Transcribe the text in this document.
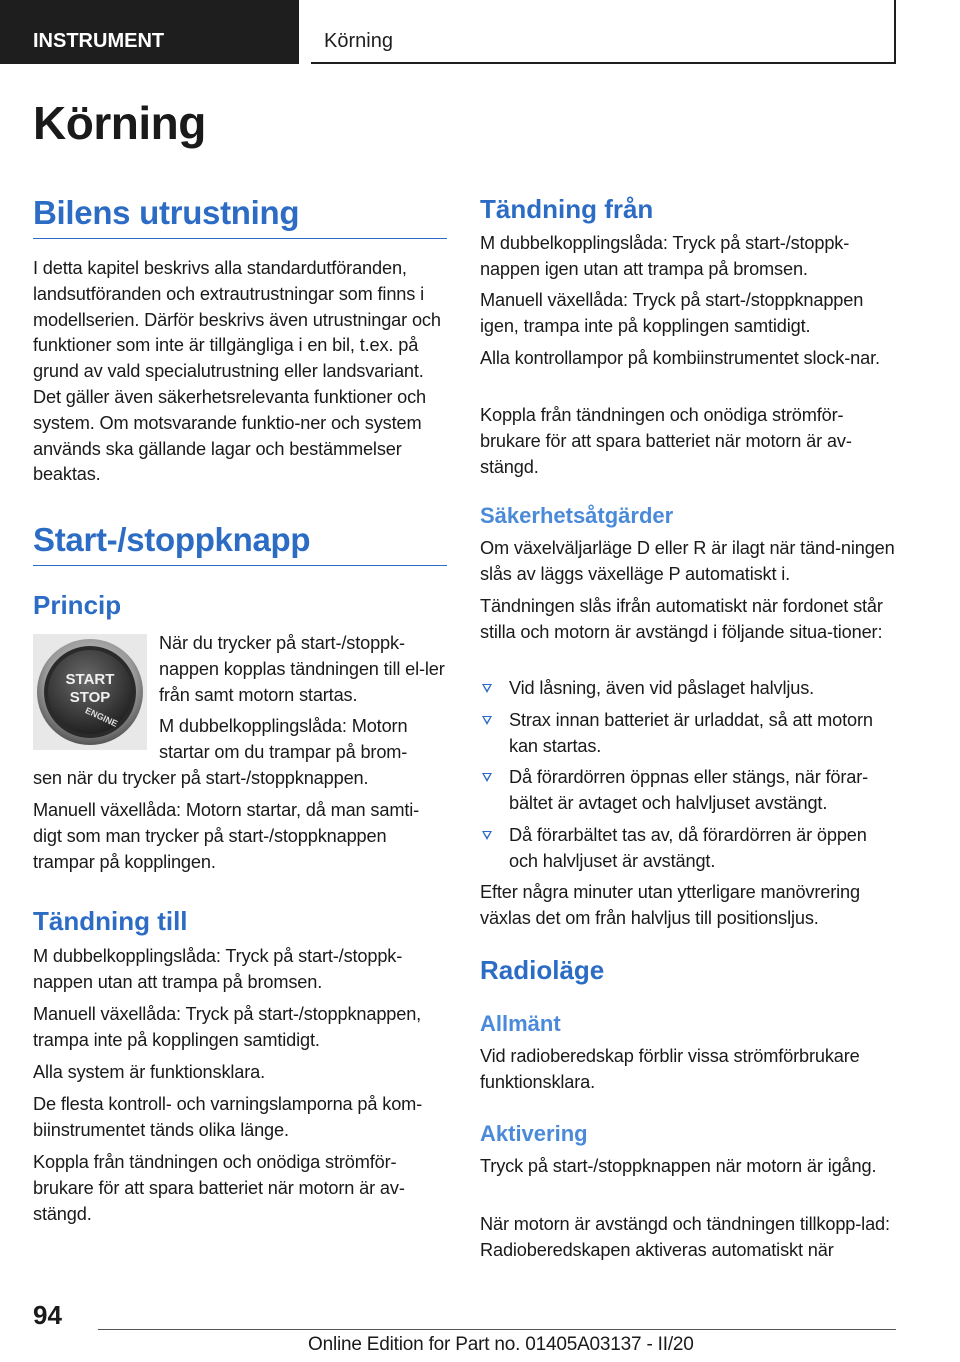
INSTRUMENT	Körning
Körning
Bilens utrustning

I detta kapitel beskrivs alla standardutföranden, landsutföranden och extrautrustningar som finns i modellserien. Därför beskrivs även utrustningar och funktioner som inte är tillgängliga i en bil, t.ex. på grund av vald specialutrustning eller landsvariant. Det gäller även säkerhetsrelevanta funktioner och system. Om motsvarande funktio-ner och system används ska gällande lagar och bestämmelser beaktas.

Start-/stoppknapp
Princip

När du trycker på start-/stoppk-nappen kopplas tändningen till el-ler från samt motorn startas.

M dubbelkopplingslåda: Motorn startar om du trampar på brom-

sen när du trycker på start-/stoppknappen.

Manuell växellåda: Motorn startar, då man samti-digt som man trycker på start-/stoppknappen trampar på kopplingen.

Tändning till

M dubbelkopplingslåda: Tryck på start-/stoppk-nappen utan att trampa på bromsen.

Manuell växellåda: Tryck på start-/stoppknappen, trampa inte på kopplingen samtidigt.

Alla system är funktionsklara.

De flesta kontroll- och varningslamporna på kom-biinstrumentet tänds olika länge.

Koppla från tändningen och onödiga strömför-brukare för att spara batteriet när motorn är av-stängd.

START
STOP
ENGINE
Tändning från

M dubbelkopplingslåda: Tryck på start-/stoppk-nappen igen utan att trampa på bromsen.

Manuell växellåda: Tryck på start-/stoppknappen igen, trampa inte på kopplingen samtidigt.

Alla kontrollampor på kombiinstrumentet slock-nar.

Koppla från tändningen och onödiga strömför-brukare för att spara batteriet när motorn är av-stängd.

Säkerhetsåtgärder

Om växelväljarläge D eller R är ilagt när tänd-ningen slås av läggs växelläge P automatiskt i.

Tändningen slås ifrån automatiskt när fordonet står stilla och motorn är avstängd i följande situa-tioner:

Vid låsning, även vid påslaget halvljus.
Strax innan batteriet är urladdat, så att motorn kan startas.
Då förardörren öppnas eller stängs, när förar-bältet är avtaget och halvljuset avstängt.
Då förarbältet tas av, då förardörren är öppen och halvljuset är avstängt.

Efter några minuter utan ytterligare manövrering växlas det om från halvljus till positionsljus.

Radioläge
Allmänt

Vid radioberedskap förblir vissa strömförbrukare funktionsklara.

Aktivering

Tryck på start-/stoppknappen när motorn är igång.

När motorn är avstängd och tändningen tillkopp-lad: Radioberedskapen aktiveras automatiskt när

94
Online Edition for Part no. 01405A03137 - II/20
